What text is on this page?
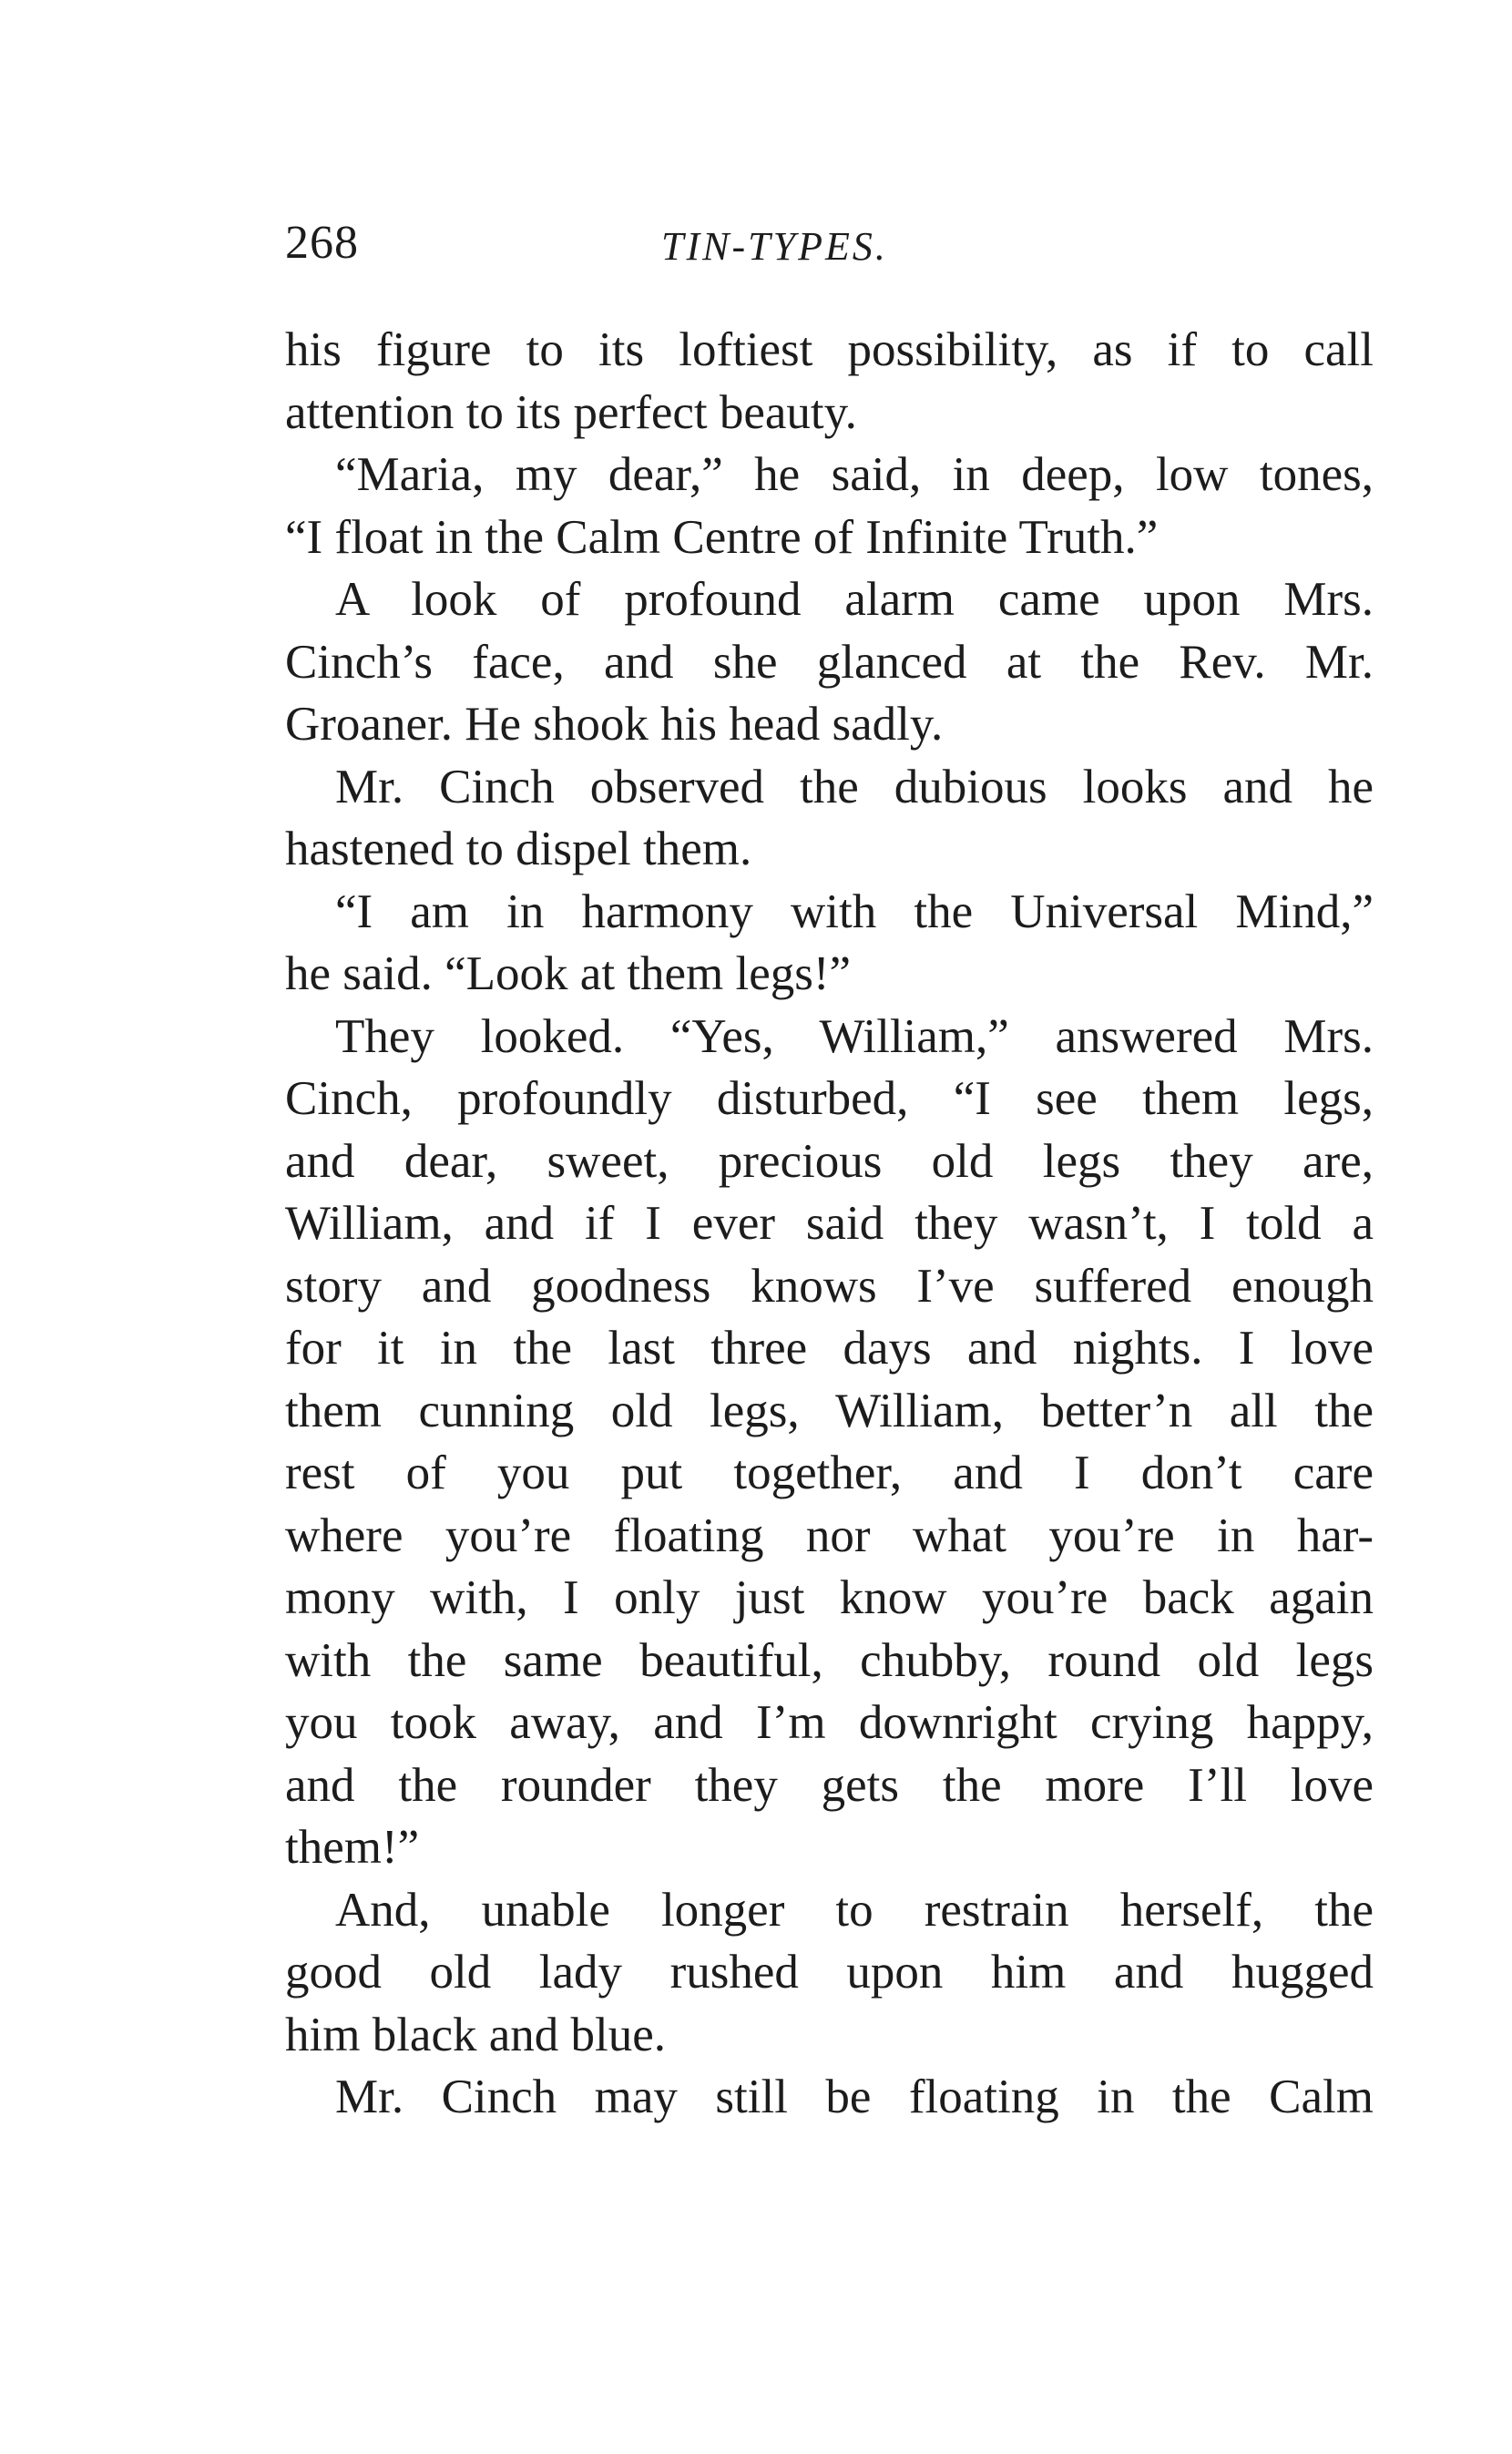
268	TIN-TYPES.
his figure to its loftiest possibility, as if to call
attention to its perfect beauty.
“Maria, my dear,” he said, in deep, low tones,
“I float in the Calm Centre of Infinite Truth.”
A look of profound alarm came upon Mrs.
Cinch’s face, and she glanced at the Rev. Mr.
Groaner. He shook his head sadly.
Mr. Cinch observed the dubious looks and he
hastened to dispel them.
“I am in harmony with the Universal Mind,”
he said. “Look at them legs!”
They looked. “Yes, William,” answered Mrs.
Cinch, profoundly disturbed, “I see them legs,
and dear, sweet, precious old legs they are,
William, and if I ever said they wasn’t, I told a
story and goodness knows I’ve suffered enough
for it in the last three days and nights. I love
them cunning old legs, William, better’n all the
rest of you put together, and I don’t care
where you’re floating nor what you’re in har-
mony with, I only just know you’re back again
with the same beautiful, chubby, round old legs
you took away, and I’m downright crying happy,
and the rounder they gets the more I’ll love
them!”
And, unable longer to restrain herself, the
good old lady rushed upon him and hugged
him black and blue.
Mr. Cinch may still be floating in the Calm
